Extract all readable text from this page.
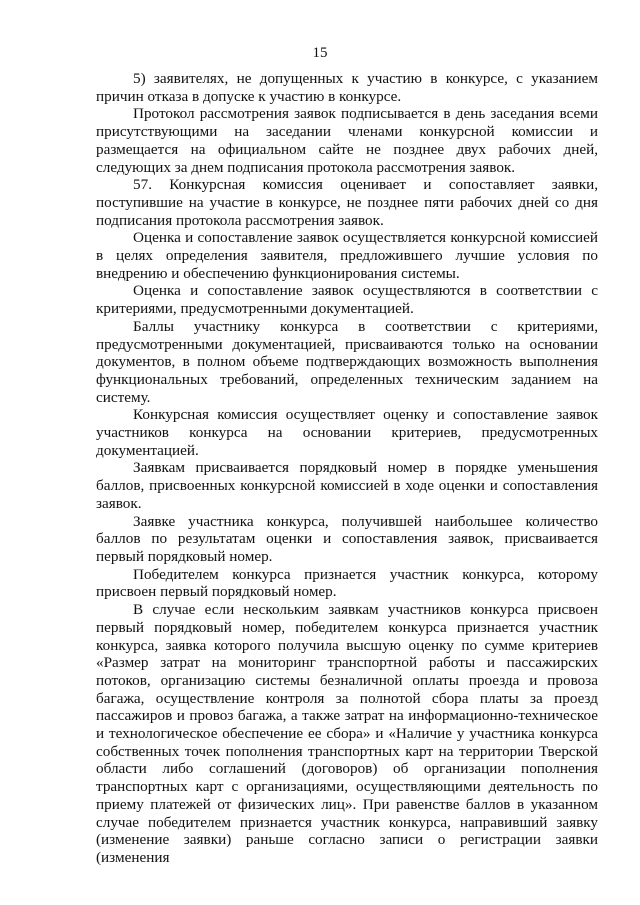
15

5) заявителях, не допущенных к участию в конкурсе, с указанием причин отказа в допуске к участию в конкурсе.

Протокол рассмотрения заявок подписывается в день заседания всеми присутствующими на заседании членами конкурсной комиссии и размещается на официальном сайте не позднее двух рабочих дней, следующих за днем подписания протокола рассмотрения заявок.

57. Конкурсная комиссия оценивает и сопоставляет заявки, поступившие на участие в конкурсе, не позднее пяти рабочих дней со дня подписания протокола рассмотрения заявок.

Оценка и сопоставление заявок осуществляется конкурсной комиссией в целях определения заявителя, предложившего лучшие условия по внедрению и обеспечению функционирования системы.

Оценка и сопоставление заявок осуществляются в соответствии с критериями, предусмотренными документацией.

Баллы участнику конкурса в соответствии с критериями, предусмотренными документацией, присваиваются только на основании документов, в полном объеме подтверждающих возможность выполнения функциональных требований, определенных техническим заданием на систему.

Конкурсная комиссия осуществляет оценку и сопоставление заявок участников конкурса на основании критериев, предусмотренных документацией.

Заявкам присваивается порядковый номер в порядке уменьшения баллов, присвоенных конкурсной комиссией в ходе оценки и сопоставления заявок.

Заявке участника конкурса, получившей наибольшее количество баллов по результатам оценки и сопоставления заявок, присваивается первый порядковый номер.

Победителем конкурса признается участник конкурса, которому присвоен первый порядковый номер.

В случае если нескольким заявкам участников конкурса присвоен первый порядковый номер, победителем конкурса признается участник конкурса, заявка которого получила высшую оценку по сумме критериев «Размер затрат на мониторинг транспортной работы и пассажирских потоков, организацию системы безналичной оплаты проезда и провоза багажа, осуществление контроля за полнотой сбора платы за проезд пассажиров и провоз багажа, а также затрат на информационно-техническое и технологическое обеспечение ее сбора» и «Наличие у участника конкурса собственных точек пополнения транспортных карт на территории Тверской области либо соглашений (договоров) об организации пополнения транспортных карт с организациями, осуществляющими деятельность по приему платежей от физических лиц». При равенстве баллов в указанном случае победителем признается участник конкурса, направивший заявку (изменение заявки) раньше согласно записи о регистрации заявки (изменения
